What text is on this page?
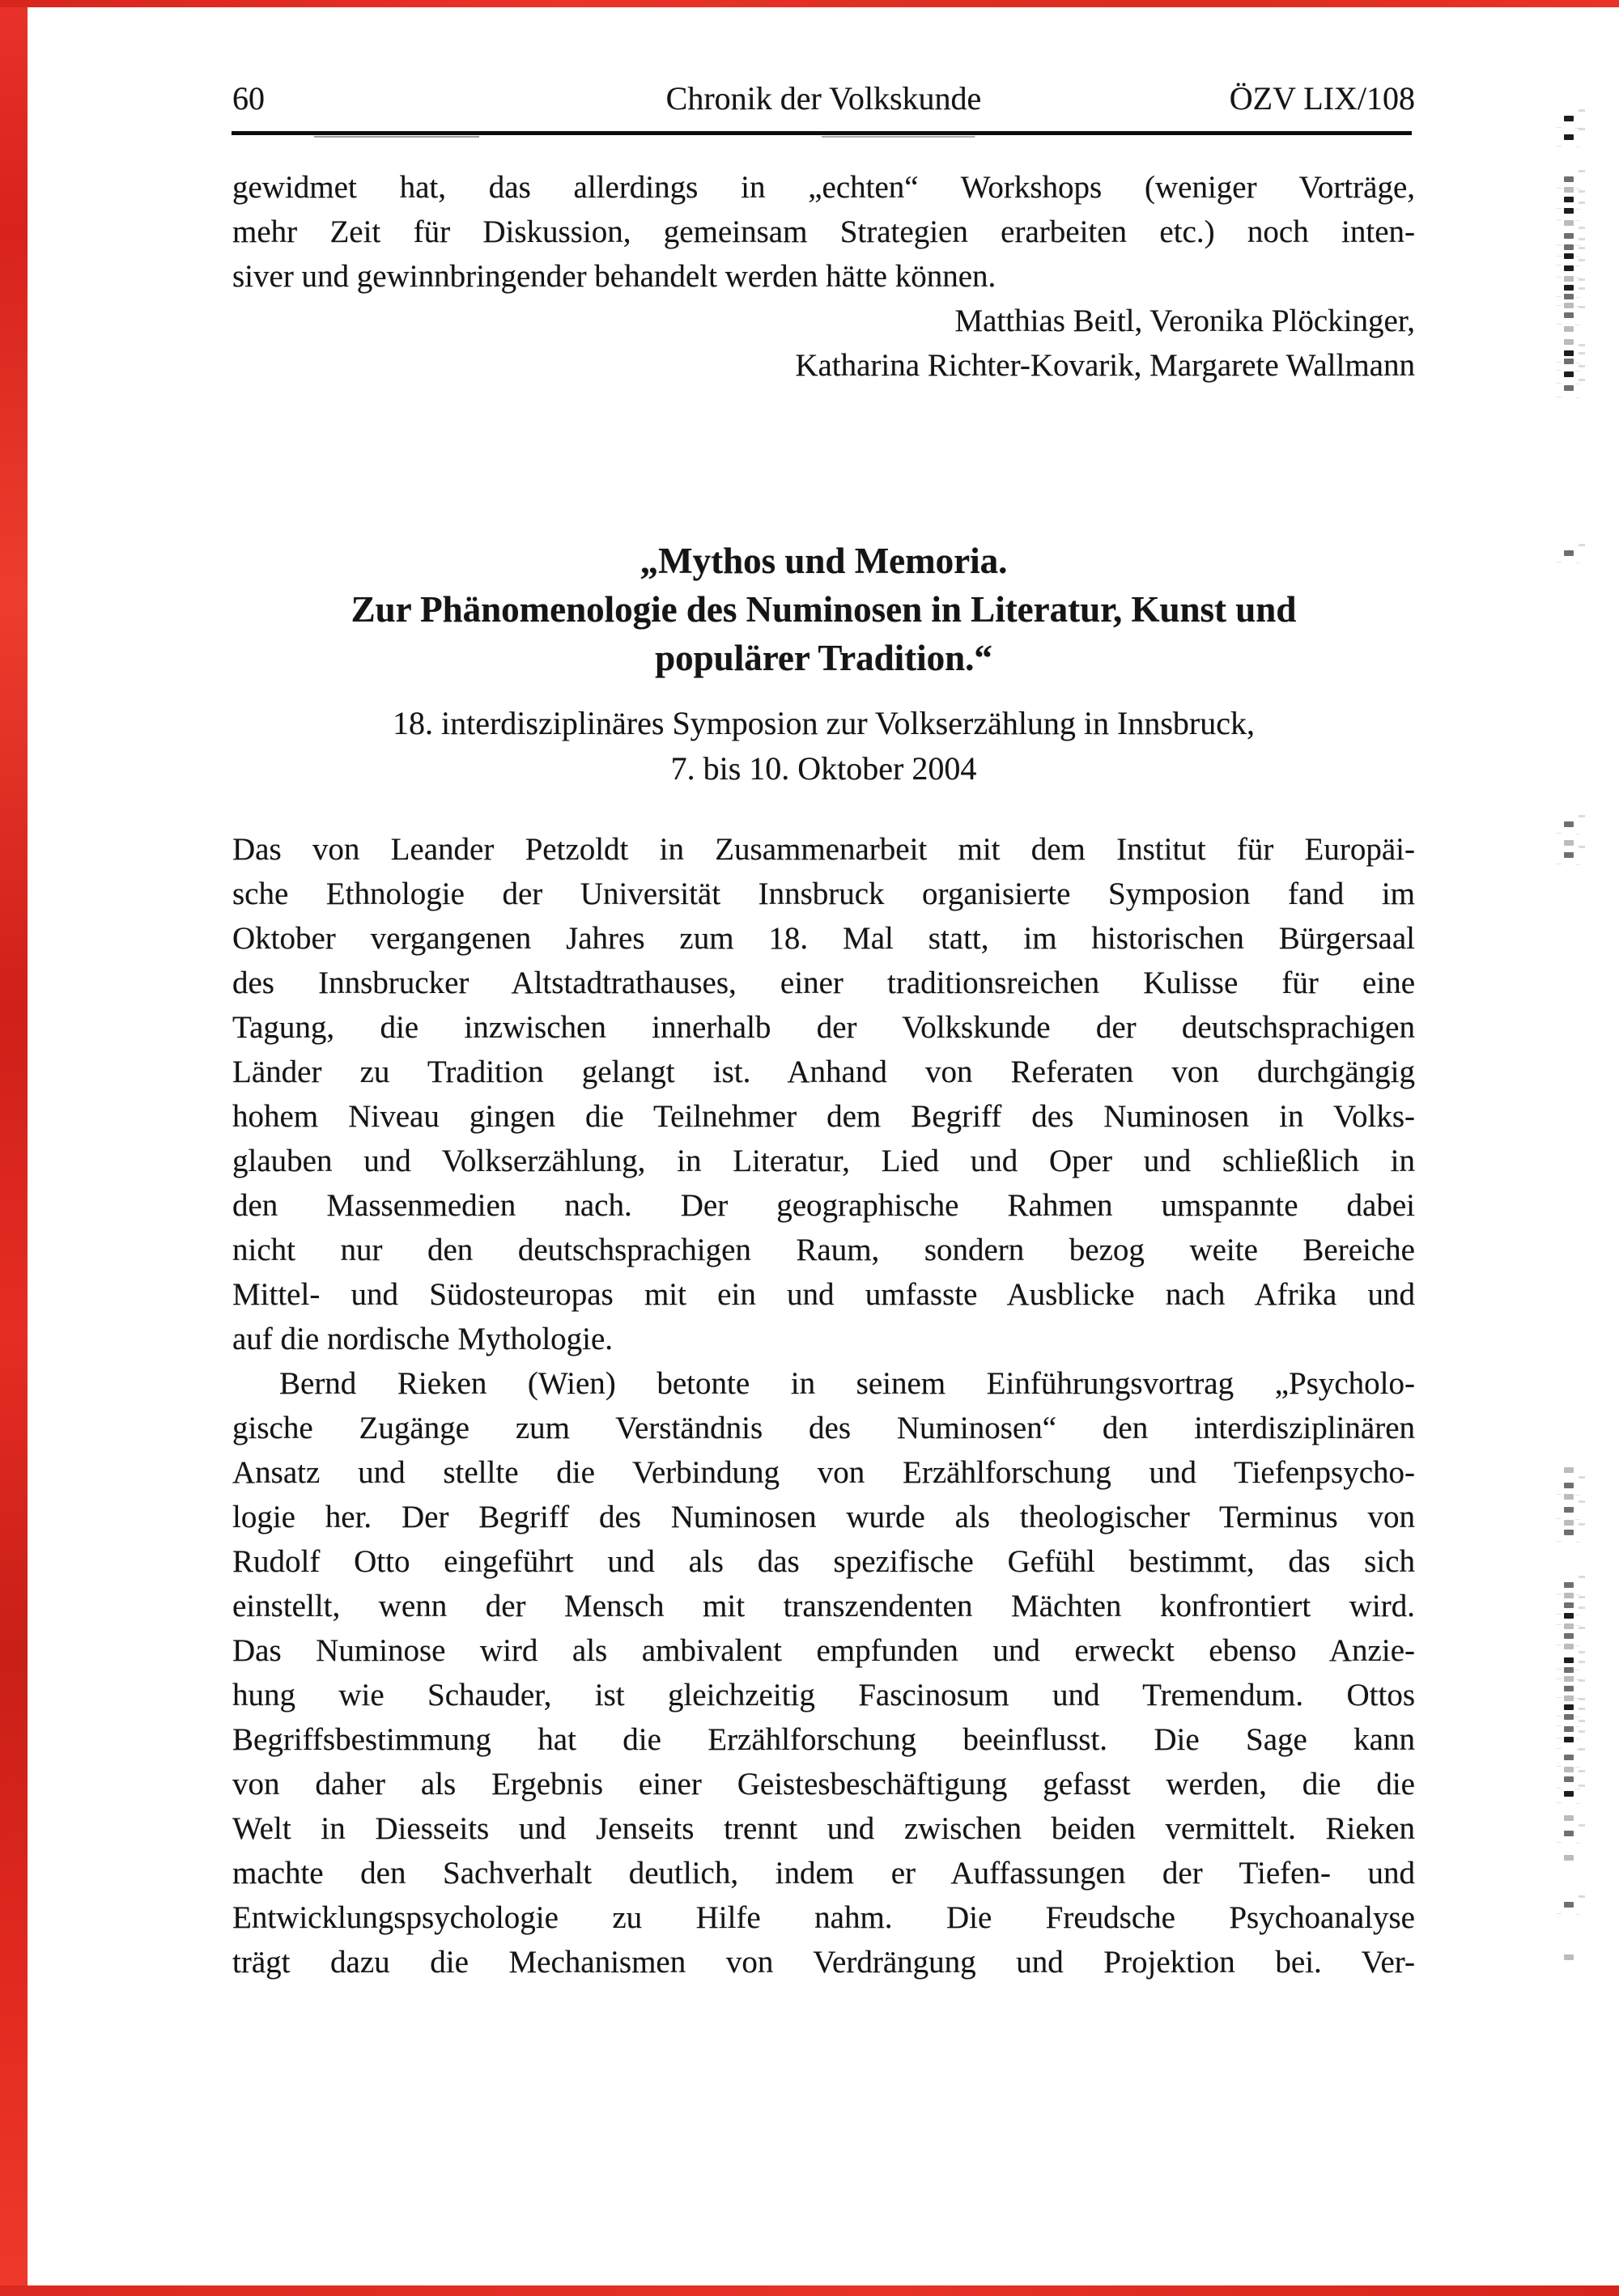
60	Chronik der Volkskunde	ÖZV LIX/108
gewidmet hat, das allerdings in „echten“ Workshops (weniger Vorträge,
mehr Zeit für Diskussion, gemeinsam Strategien erarbeiten etc.) noch inten-
siver und gewinnbringender behandelt werden hätte können.
Matthias Beitl, Veronika Plöckinger,
Katharina Richter-Kovarik, Margarete Wallmann
„Mythos und Memoria.
Zur Phänomenologie des Numinosen in Literatur, Kunst und
populärer Tradition.“
18. interdisziplinäres Symposion zur Volkserzählung in Innsbruck,
7. bis 10. Oktober 2004
Das von Leander Petzoldt in Zusammenarbeit mit dem Institut für Europäi-
sche Ethnologie der Universität Innsbruck organisierte Symposion fand im
Oktober vergangenen Jahres zum 18. Mal statt, im historischen Bürgersaal
des Innsbrucker Altstadtrathauses, einer traditionsreichen Kulisse für eine
Tagung, die inzwischen innerhalb der Volkskunde der deutschsprachigen
Länder zu Tradition gelangt ist. Anhand von Referaten von durchgängig
hohem Niveau gingen die Teilnehmer dem Begriff des Numinosen in Volks-
glauben und Volkserzählung, in Literatur, Lied und Oper und schließlich in
den Massenmedien nach. Der geographische Rahmen umspannte dabei
nicht nur den deutschsprachigen Raum, sondern bezog weite Bereiche
Mittel- und Südosteuropas mit ein und umfasste Ausblicke nach Afrika und
auf die nordische Mythologie.
Bernd Rieken (Wien) betonte in seinem Einführungsvortrag „Psycholo-
gische Zugänge zum Verständnis des Numinosen“ den interdisziplinären
Ansatz und stellte die Verbindung von Erzählforschung und Tiefenpsycho-
logie her. Der Begriff des Numinosen wurde als theologischer Terminus von
Rudolf Otto eingeführt und als das spezifische Gefühl bestimmt, das sich
einstellt, wenn der Mensch mit transzendenten Mächten konfrontiert wird.
Das Numinose wird als ambivalent empfunden und erweckt ebenso Anzie-
hung wie Schauder, ist gleichzeitig Fascinosum und Tremendum. Ottos
Begriffsbestimmung hat die Erzählforschung beeinflusst. Die Sage kann
von daher als Ergebnis einer Geistesbeschäftigung gefasst werden, die die
Welt in Diesseits und Jenseits trennt und zwischen beiden vermittelt. Rieken
machte den Sachverhalt deutlich, indem er Auffassungen der Tiefen- und
Entwicklungspsychologie zu Hilfe nahm. Die Freudsche Psychoanalyse
trägt dazu die Mechanismen von Verdrängung und Projektion bei. Ver-
